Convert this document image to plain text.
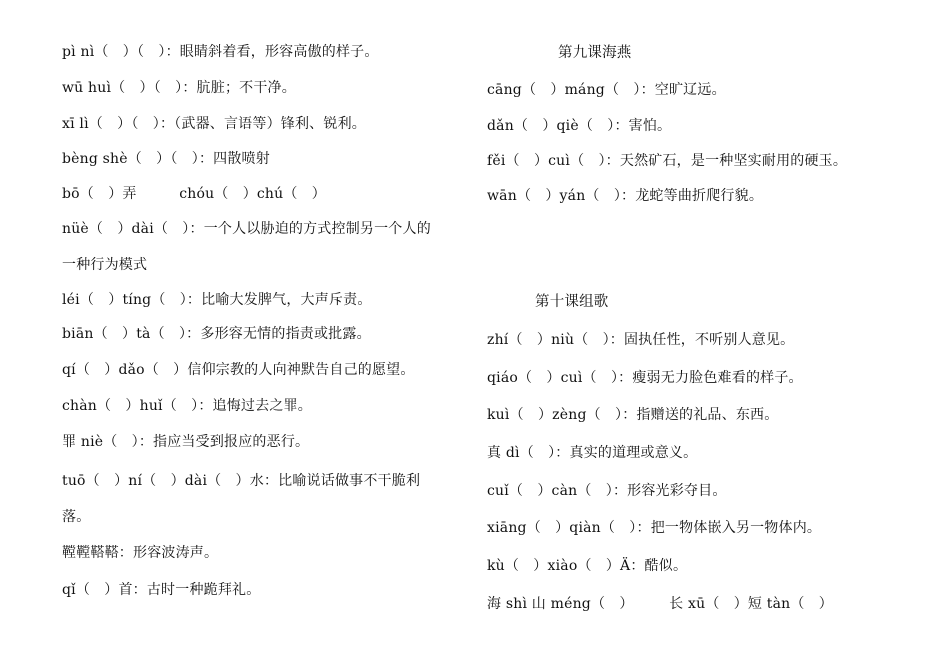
pì nì（　）（　）：眼睛斜着看，形容高傲的样子。

wū huì（　）（　）：肮脏；不干净。

xī lì（　）（　）：（武器、言语等）锋利、锐利。

bèng shè（　）（　）：四散喷射

bō（　）弄　　　chóu（　）chú（　）

nüè（　）dài（　）：一个人以胁迫的方式控制另一个人的

一种行为模式

léi（　）tíng（　）：比喻大发脾气，大声斥责。

biān（　）tà（　）：多形容无情的指责或批露。

qí（　）dǎo（　）信仰宗教的人向神默告自己的愿望。

chàn（　）huǐ（　）：追悔过去之罪。

罪 niè（　）：指应当受到报应的恶行。

tuō（　）ní（　）dài（　）水：比喻说话做事不干脆利

落。

鞺鞺鞳鞳：形容波涛声。

qǐ（　）首：古时一种跪拜礼。

第九课海燕

cāng（　）máng（　）：空旷辽远。

dǎn（　）qiè（　）：害怕。

fěi（　）cuì（　）：天然矿石，是一种坚实耐用的硬玉。

wān（　）yán（　）：龙蛇等曲折爬行貌。

第十课组歌

zhí（　）niù（　）：固执任性，不听别人意见。

qiáo（　）cuì（　）：瘦弱无力脸色难看的样子。

kuì（　）zèng（　）：指赠送的礼品、东西。

真 dì（　）：真实的道理或意义。

cuǐ（　）càn（　）：形容光彩夺目。

xiāng（　）qiàn（　）：把一物体嵌入另一物体内。

kù（　）xiào（　）Ä：酷似。

海 shì 山 méng（　）　　　长 xū（　）短 tàn（　）
